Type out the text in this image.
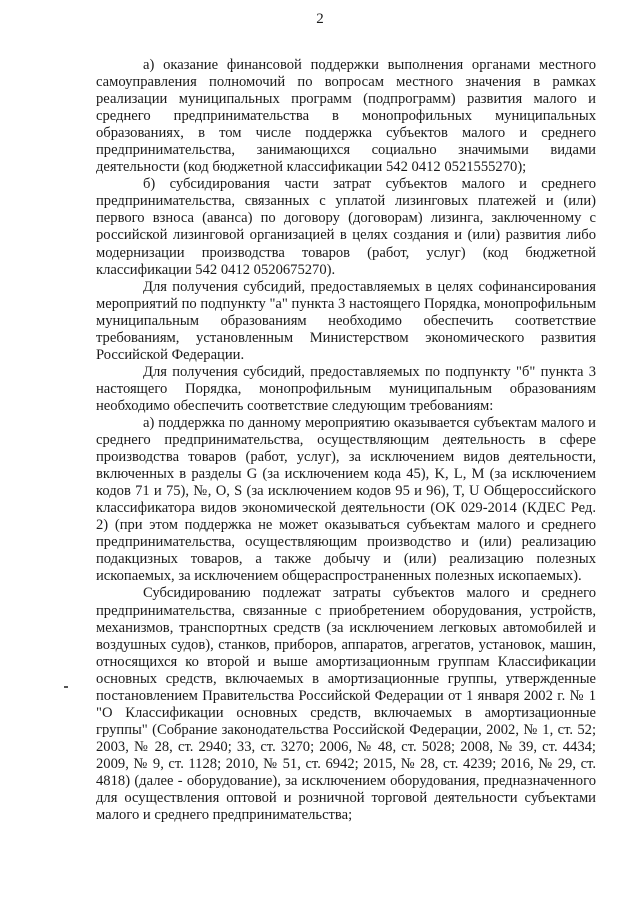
2

а) оказание финансовой поддержки выполнения органами местного самоуправления полномочий по вопросам местного значения в рамках реализации муниципальных программ (подпрограмм) развития малого и среднего предпринимательства в монопрофильных муниципальных образованиях, в том числе поддержка субъектов малого и среднего предпринимательства, занимающихся социально значимыми видами деятельности (код бюджетной классификации 542 0412 0521555270);

б) субсидирования части затрат субъектов малого и среднего предпринимательства, связанных с уплатой лизинговых платежей и (или) первого взноса (аванса) по договору (договорам) лизинга, заключенному с российской лизинговой организацией в целях создания и (или) развития либо модернизации производства товаров (работ, услуг) (код бюджетной классификации 542 0412 0520675270).

Для получения субсидий, предоставляемых в целях софинансирования мероприятий по подпункту "а" пункта 3 настоящего Порядка, монопрофильным муниципальным образованиям необходимо обеспечить соответствие требованиям, установленным Министерством экономического развития Российской Федерации.

Для получения субсидий, предоставляемых по подпункту "б" пункта 3 настоящего Порядка, монопрофильным муниципальным образованиям необходимо обеспечить соответствие следующим требованиям:

а) поддержка по данному мероприятию оказывается субъектам малого и среднего предпринимательства, осуществляющим деятельность в сфере производства товаров (работ, услуг), за исключением видов деятельности, включенных в разделы G (за исключением кода 45), K, L, M (за исключением кодов 71 и 75), №, O, S (за исключением кодов 95 и 96), T, U Общероссийского классификатора видов экономической деятельности (ОК 029-2014 (КДЕС Ред. 2) (при этом поддержка не может оказываться субъектам малого и среднего предпринимательства, осуществляющим производство и (или) реализацию подакцизных товаров, а также добычу и (или) реализацию полезных ископаемых, за исключением общераспространенных полезных ископаемых).

Субсидированию подлежат затраты субъектов малого и среднего предпринимательства, связанные с приобретением оборудования, устройств, механизмов, транспортных средств (за исключением легковых автомобилей и воздушных судов), станков, приборов, аппаратов, агрегатов, установок, машин, относящихся ко второй и выше амортизационным группам Классификации основных средств, включаемых в амортизационные группы, утвержденные постановлением Правительства Российской Федерации от 1 января 2002 г. № 1 "О Классификации основных средств, включаемых в амортизационные группы" (Собрание законодательства Российской Федерации, 2002, № 1, ст. 52; 2003, № 28, ст. 2940; 33, ст. 3270; 2006, № 48, ст. 5028; 2008, № 39, ст. 4434; 2009, № 9, ст. 1128; 2010, № 51, ст. 6942; 2015, № 28, ст. 4239; 2016, № 29, ст. 4818) (далее - оборудование), за исключением оборудования, предназначенного для осуществления оптовой и розничной торговой деятельности субъектами малого и среднего предпринимательства;
